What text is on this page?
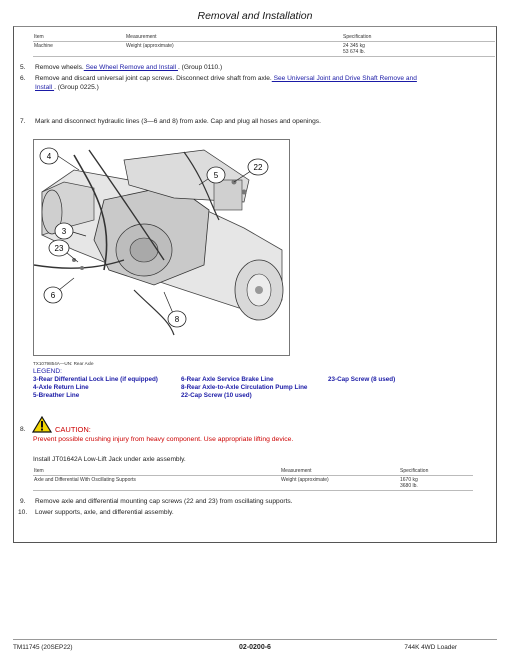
Removal and Installation
Item	Measurement	Specification
Machine	Weight (approximate)	24 345 kg
53 674 lb.
5.	Remove wheels. See Wheel Remove and Install . (Group 0110.)
6.	Remove and discard universal joint cap screws. Disconnect drive shaft from axle. See Universal Joint and Drive Shaft Remove and
Install . (Group 0225.)
7.	Mark and disconnect hydraulic lines (3—6 and 8) from axle. Cap and plug all hoses and openings.
4
5
22
3
23
6
8
TX1079854A—UN: Rear Axle
LEGEND:
3-Rear Differential Lock Line (if equipped)
4-Axle Return Line
5-Breather Line
6-Rear Axle Service Brake Line
8-Rear Axle-to-Axle Circulation Pump Line
22-Cap Screw (10 used)
23-Cap Screw (8 used)
8.	CAUTION:
Prevent possible crushing injury from heavy component. Use appropriate lifting device.
Install JT01642A Low-Lift Jack under axle assembly.
Item	Measurement	Specification
Axle and Differential With Oscillating Supports	Weight (approximate)	1670 kg
3680 lb.
9.	Remove axle and differential mounting cap screws (22 and 23) from oscillating supports.
10.	Lower supports, axle, and differential assembly.
TM11745 (20SEP22)	02-0200-6	744K 4WD Loader
